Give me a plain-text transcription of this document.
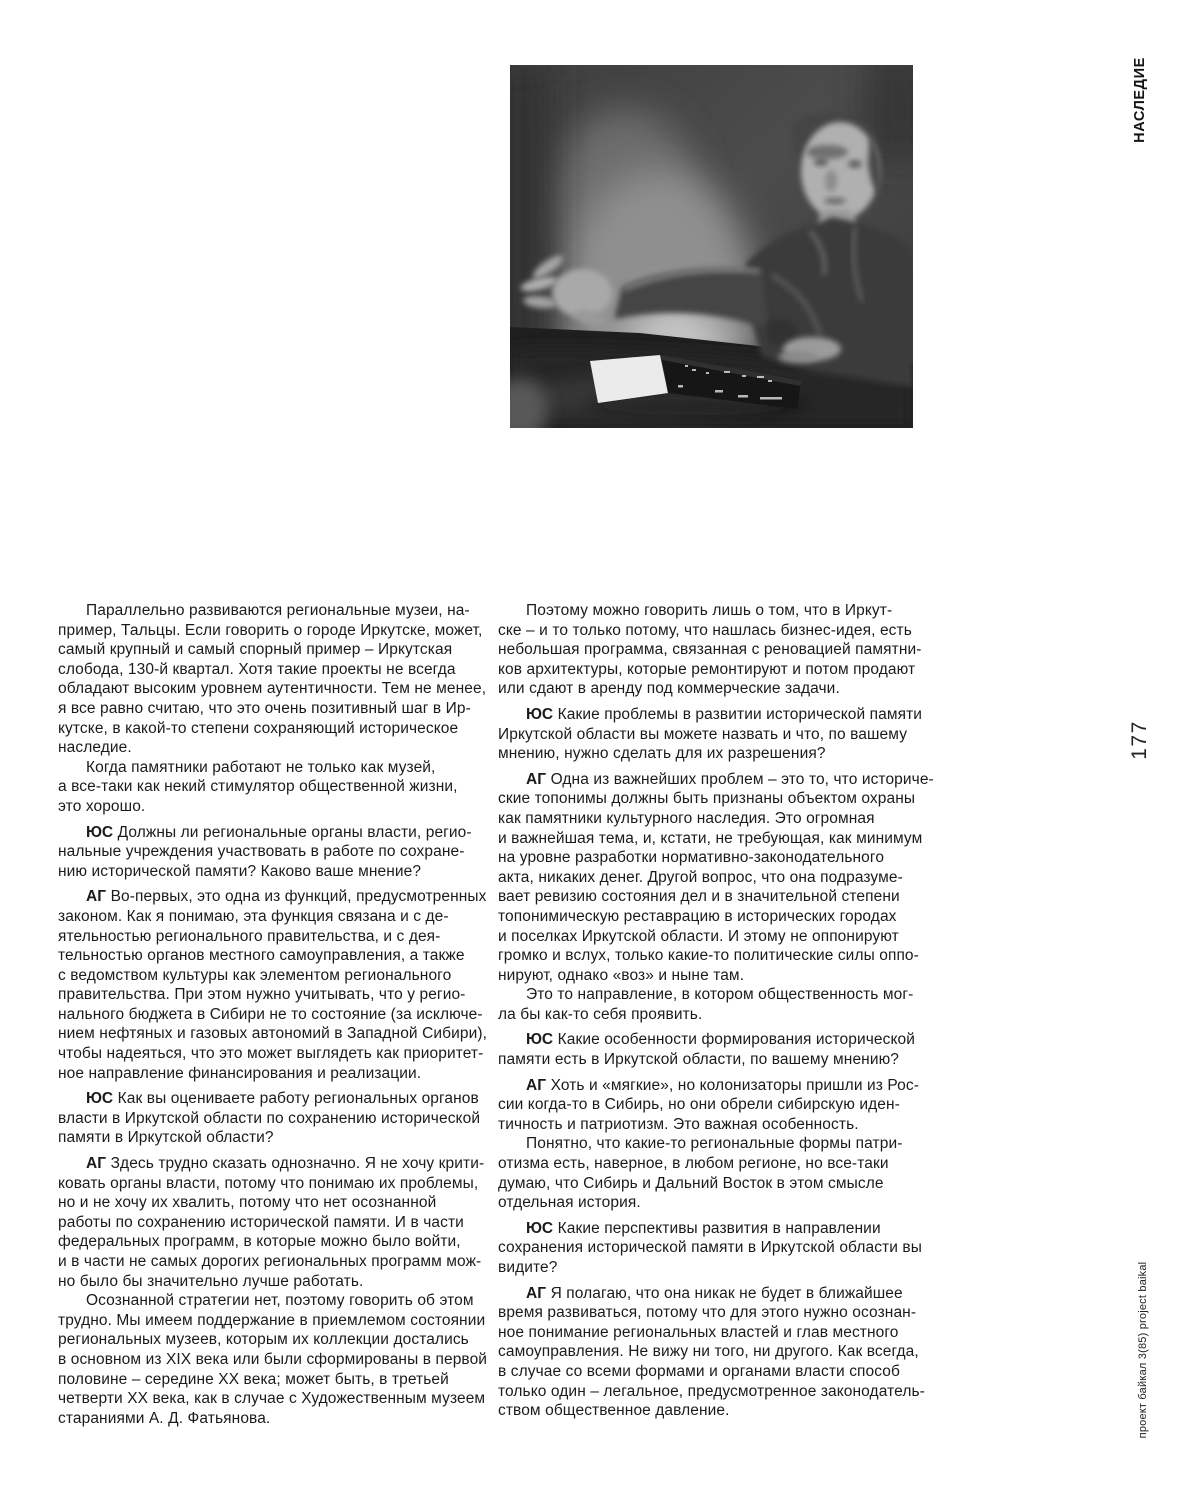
Параллельно развиваются региональные музеи, на-
пример, Тальцы. Если говорить о городе Иркутске, может,
самый крупный и самый спорный пример – Иркутская
слобода, 130-й квартал. Хотя такие проекты не всегда
обладают высоким уровнем аутентичности. Тем не менее,
я все равно считаю, что это очень позитивный шаг в Ир-
кутске, в какой-то степени сохраняющий историческое
наследие.

Когда памятники работают не только как музей,
а все-таки как некий стимулятор общественной жизни,
это хорошо.

ЮС Должны ли региональные органы власти, регио-
нальные учреждения участвовать в работе по сохране-
нию исторической памяти? Каково ваше мнение?

АГ Во-первых, это одна из функций, предусмотренных
законом. Как я понимаю, эта функция связана и с де-
ятельностью регионального правительства, и с дея-
тельностью органов местного самоуправления, а также
с ведомством культуры как элементом регионального
правительства. При этом нужно учитывать, что у регио-
нального бюджета в Сибири не то состояние (за исключе-
нием нефтяных и газовых автономий в Западной Сибири),
чтобы надеяться, что это может выглядеть как приоритет-
ное направление финансирования и реализации.

ЮС Как вы оцениваете работу региональных органов
власти в Иркутской области по сохранению исторической
памяти в Иркутской области?

АГ Здесь трудно сказать однозначно. Я не хочу крити-
ковать органы власти, потому что понимаю их проблемы,
но и не хочу их хвалить, потому что нет осознанной
работы по сохранению исторической памяти. И в части
федеральных программ, в которые можно было войти,
и в части не самых дорогих региональных программ мож-
но было бы значительно лучше работать.

Осознанной стратегии нет, поэтому говорить об этом
трудно. Мы имеем поддержание в приемлемом состоянии
региональных музеев, которым их коллекции достались
в основном из XIX века или были сформированы в первой
половине – середине XX века; может быть, в третьей
четверти XX века, как в случае с Художественным музеем
стараниями А. Д. Фатьянова.

Поэтому можно говорить лишь о том, что в Иркут-
ске – и то только потому, что нашлась бизнес-идея, есть
небольшая программа, связанная с реновацией памятни-
ков архитектуры, которые ремонтируют и потом продают
или сдают в аренду под коммерческие задачи.

ЮС Какие проблемы в развитии исторической памяти
Иркутской области вы можете назвать и что, по вашему
мнению, нужно сделать для их разрешения?

АГ Одна из важнейших проблем – это то, что историче-
ские топонимы должны быть признаны объектом охраны
как памятники культурного наследия. Это огромная
и важнейшая тема, и, кстати, не требующая, как минимум
на уровне разработки нормативно-законодательного
акта, никаких денег. Другой вопрос, что она подразуме-
вает ревизию состояния дел и в значительной степени
топонимическую реставрацию в исторических городах
и поселках Иркутской области. И этому не оппонируют
громко и вслух, только какие-то политические силы оппо-
нируют, однако «воз» и ныне там.

Это то направление, в котором общественность мог-
ла бы как-то себя проявить.

ЮС Какие особенности формирования исторической
памяти есть в Иркутской области, по вашему мнению?

АГ Хоть и «мягкие», но колонизаторы пришли из Рос-
сии когда-то в Сибирь, но они обрели сибирскую иден-
тичность и патриотизм. Это важная особенность.

Понятно, что какие-то региональные формы патри-
отизма есть, наверное, в любом регионе, но все-таки
думаю, что Сибирь и Дальний Восток в этом смысле
отдельная история.

ЮС Какие перспективы развития в направлении
сохранения исторической памяти в Иркутской области вы
видите?

АГ Я полагаю, что она никак не будет в ближайшее
время развиваться, потому что для этого нужно осознан-
ное понимание региональных властей и глав местного
самоуправления. Не вижу ни того, ни другого. Как всегда,
в случае со всеми формами и органами власти способ
только один – легальное, предусмотренное законодатель-
ством общественное давление.

НАСЛЕДИЕ
177
проект байкал 3(85) project baikal
